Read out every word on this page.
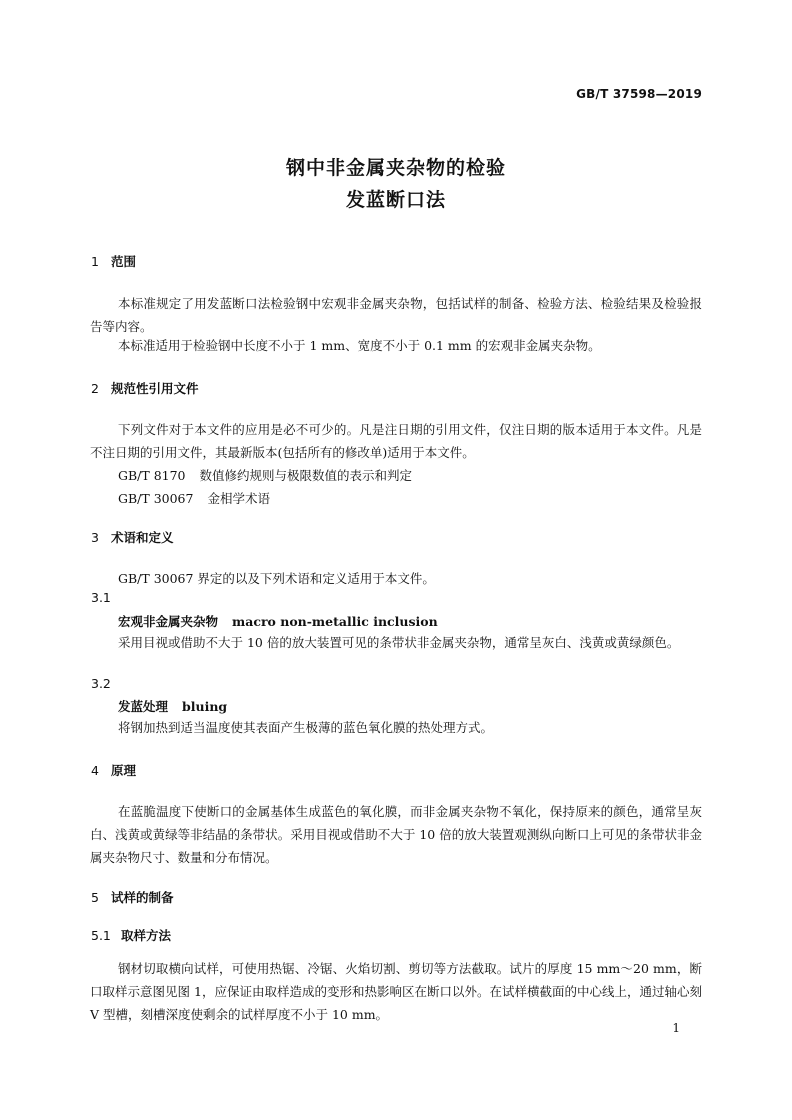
GB/T 37598—2019
钢中非金属夹杂物的检验
发蓝断口法
1 范围

本标准规定了用发蓝断口法检验钢中宏观非金属夹杂物，包括试样的制备、检验方法、检验结果及检验报告等内容。

本标准适用于检验钢中长度不小于 1 mm、宽度不小于 0.1 mm 的宏观非金属夹杂物。

2 规范性引用文件

下列文件对于本文件的应用是必不可少的。凡是注日期的引用文件，仅注日期的版本适用于本文件。凡是不注日期的引用文件，其最新版本(包括所有的修改单)适用于本文件。

GB/T 8170 数值修约规则与极限数值的表示和判定
GB/T 30067 金相学术语
3 术语和定义

GB/T 30067 界定的以及下列术语和定义适用于本文件。

3.1
宏观非金属夹杂物 macro non-metallic inclusion

采用目视或借助不大于 10 倍的放大装置可见的条带状非金属夹杂物，通常呈灰白、浅黄或黄绿颜色。

3.2
发蓝处理 bluing

将钢加热到适当温度使其表面产生极薄的蓝色氧化膜的热处理方式。

4 原理

在蓝脆温度下使断口的金属基体生成蓝色的氧化膜，而非金属夹杂物不氧化，保持原来的颜色，通常呈灰白、浅黄或黄绿等非结晶的条带状。采用目视或借助不大于 10 倍的放大装置观测纵向断口上可见的条带状非金属夹杂物尺寸、数量和分布情况。

5 试样的制备
5.1 取样方法

钢材切取横向试样，可使用热锯、冷锯、火焰切割、剪切等方法截取。试片的厚度 15 mm～20 mm，断口取样示意图见图 1，应保证由取样造成的变形和热影响区在断口以外。在试样横截面的中心线上，通过轴心刻 V 型槽，刻槽深度使剩余的试样厚度不小于 10 mm。

1
